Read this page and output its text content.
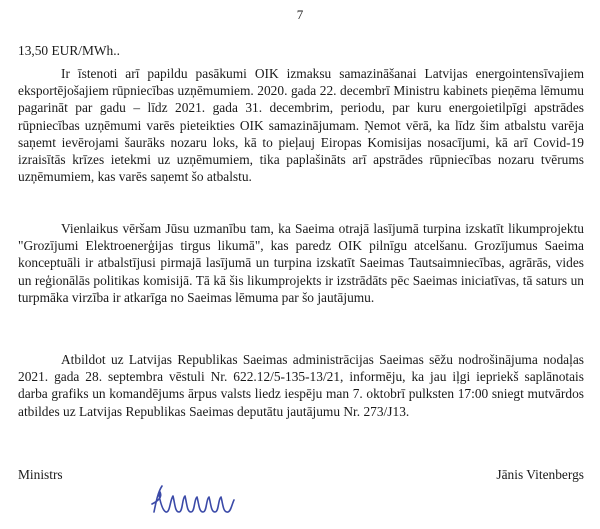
7

13,50 EUR/MWh..

Ir īstenoti arī papildu pasākumi OIK izmaksu samazināšanai Latvijas energointensīvajiem eksportējošajiem rūpniecības uzņēmumiem. 2020. gada 22. decembrī Ministru kabinets pieņēma lēmumu pagarināt par gadu – līdz 2021. gada 31. decembrim, periodu, par kuru energoietilpīgi apstrādes rūpniecības uzņēmumi varēs pieteikties OIK samazinājumam. Ņemot vērā, ka līdz šim atbalstu varēja saņemt ievērojami šaurāks nozaru loks, kā to pieļauj Eiropas Komisijas nosacījumi, kā arī Covid-19 izraisītās krīzes ietekmi uz uzņēmumiem, tika paplašināts arī apstrādes rūpniecības nozaru tvērums uzņēmumiem, kas varēs saņemt šo atbalstu.

Vienlaikus vēršam Jūsu uzmanību tam, ka Saeima otrajā lasījumā turpina izskatīt likumprojektu "Grozījumi Elektroenerģijas tirgus likumā", kas paredz OIK pilnīgu atcelšanu. Grozījumus Saeima konceptuāli ir atbalstījusi pirmajā lasījumā un turpina izskatīt Saeimas Tautsaimniecības, agrārās, vides un reģionālās politikas komisijā. Tā kā šis likumprojekts ir izstrādāts pēc Saeimas iniciatīvas, tā saturs un turpmāka virzība ir atkarīga no Saeimas lēmuma par šo jautājumu.

Atbildot uz Latvijas Republikas Saeimas administrācijas Saeimas sēžu nodrošinājuma nodaļas 2021. gada 28. septembra vēstuli Nr. 622.12/5-135-13/21, informēju, ka jau iļgi iepriekš saplānotais darba grafiks un komandējums ārpus valsts liedz iespēju man 7. oktobrī pulksten 17:00 sniegt mutvārdos atbildes uz Latvijas Republikas Saeimas deputātu jautājumu Nr. 273/J13.

Ministrs	Jānis Vitenbergs
